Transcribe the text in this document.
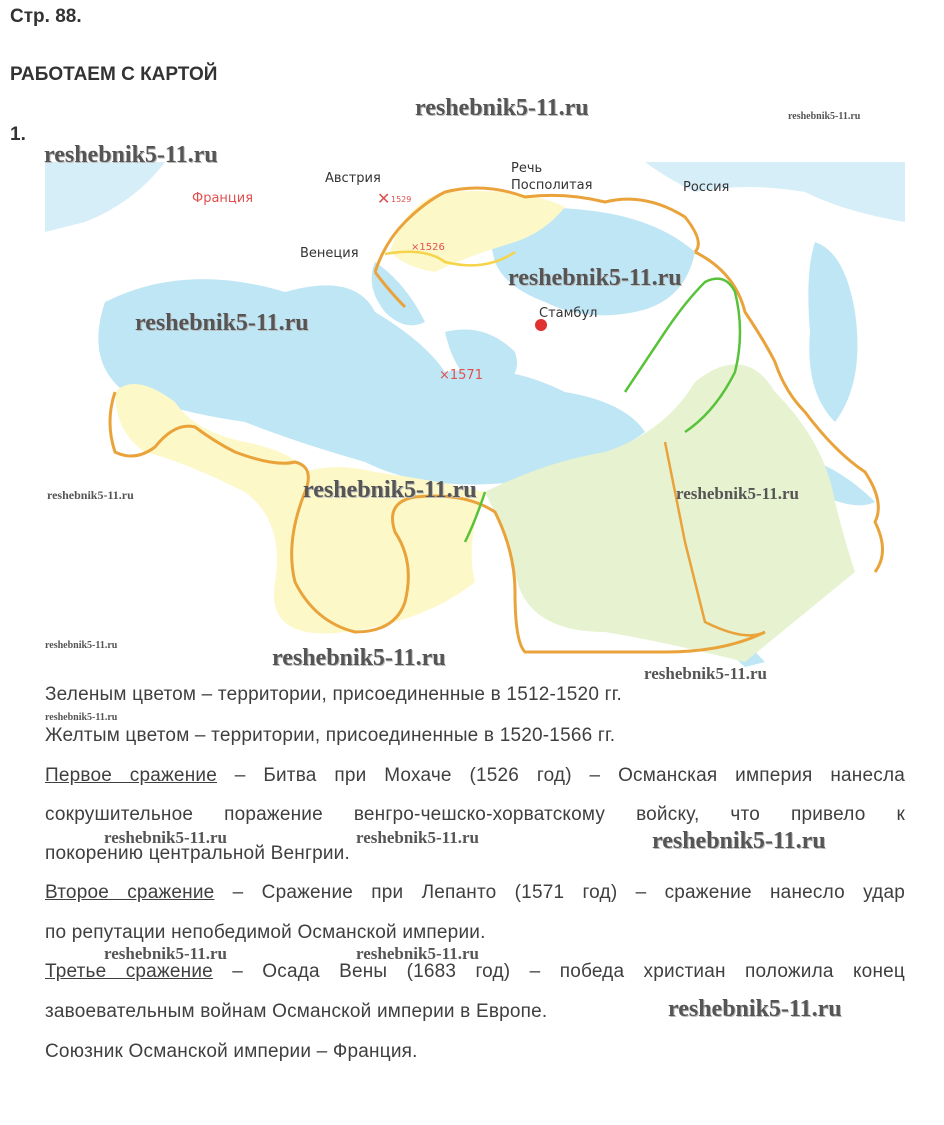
Стр. 88.
РАБОТАЕМ С КАРТОЙ
1.
Франция
Австрия
✕ 1529
Речь
Посполитая	Россия
Венеция	×1526
Стамбул
×1571
Зеленым цветом – территории, присоединенные в 1512-1520 гг.
Желтым цветом – территории, присоединенные в 1520-1566 гг.
Первое сражение – Битва при Мохаче (1526 год) – Османская империя нанесла
сокрушительное поражение венгро-чешско-хорватскому войску, что привело к
покорению центральной Венгрии.
Второе сражение – Сражение при Лепанто (1571 год) – сражение нанесло удар
по репутации непобедимой Османской империи.
Третье сражение – Осада Вены (1683 год) – победа христиан положила конец
завоевательным войнам Османской империи в Европе.
Союзник Османской империи – Франция.
reshebnik5-11.ru	reshebnik5-11.ru
reshebnik5-11.ru
reshebnik5-11.ru
reshebnik5-11.ru
reshebnik5-11.ru
reshebnik5-11.ru	reshebnik5-11.ru
reshebnik5-11.ru	reshebnik5-11.ru
reshebnik5-11.ru
reshebnik5-11.ru
reshebnik5-11.ru	reshebnik5-11.ru	reshebnik5-11.ru
reshebnik5-11.ru	reshebnik5-11.ru
reshebnik5-11.ru
